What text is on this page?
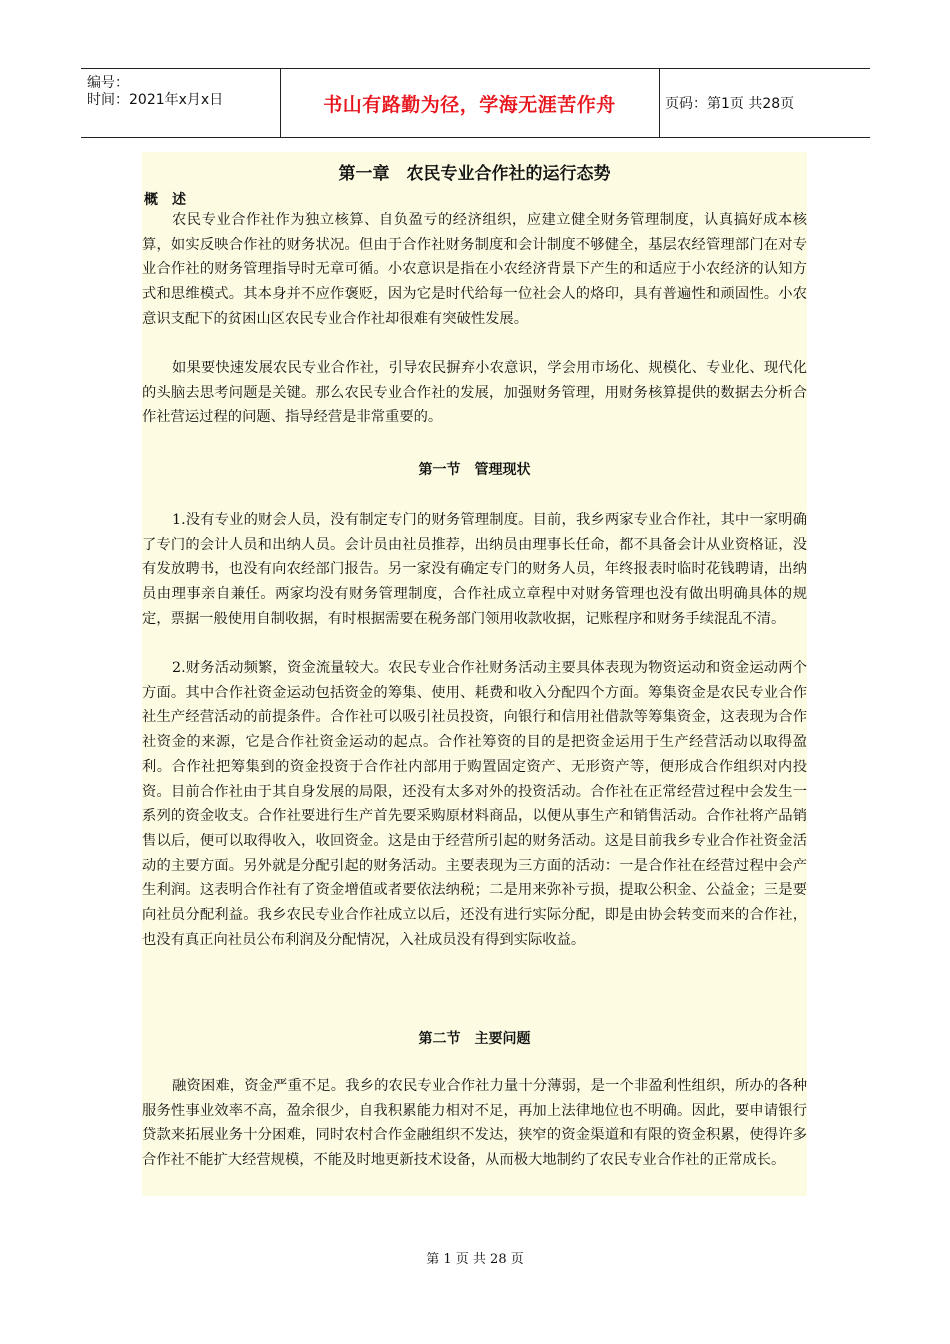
编号：
时间：2021年x月x日	书山有路勤为径，学海无涯苦作舟	页码：第1页 共28页
第一章　农民专业合作社的运行态势
概　述

农民专业合作社作为独立核算、自负盈亏的经济组织，应建立健全财务管理制度，认真搞好成本核算，如实反映合作社的财务状况。但由于合作社财务制度和会计制度不够健全，基层农经管理部门在对专业合作社的财务管理指导时无章可循。小农意识是指在小农经济背景下产生的和适应于小农经济的认知方式和思维模式。其本身并不应作褒贬，因为它是时代给每一位社会人的烙印，具有普遍性和顽固性。小农意识支配下的贫困山区农民专业合作社却很难有突破性发展。

如果要快速发展农民专业合作社，引导农民摒弃小农意识，学会用市场化、规模化、专业化、现代化的头脑去思考问题是关键。那么农民专业合作社的发展，加强财务管理，用财务核算提供的数据去分析合作社营运过程的问题、指导经营是非常重要的。

第一节　管理现状

1.没有专业的财会人员，没有制定专门的财务管理制度。目前，我乡两家专业合作社，其中一家明确了专门的会计人员和出纳人员。会计员由社员推荐，出纳员由理事长任命，都不具备会计从业资格证，没有发放聘书，也没有向农经部门报告。另一家没有确定专门的财务人员，年终报表时临时花钱聘请，出纳员由理事亲自兼任。两家均没有财务管理制度，合作社成立章程中对财务管理也没有做出明确具体的规定，票据一般使用自制收据，有时根据需要在税务部门领用收款收据，记账程序和财务手续混乱不清。

2.财务活动频繁，资金流量较大。农民专业合作社财务活动主要具体表现为物资运动和资金运动两个方面。其中合作社资金运动包括资金的筹集、使用、耗费和收入分配四个方面。筹集资金是农民专业合作社生产经营活动的前提条件。合作社可以吸引社员投资，向银行和信用社借款等筹集资金，这表现为合作社资金的来源，它是合作社资金运动的起点。合作社筹资的目的是把资金运用于生产经营活动以取得盈利。合作社把筹集到的资金投资于合作社内部用于购置固定资产、无形资产等，便形成合作组织对内投资。目前合作社由于其自身发展的局限，还没有太多对外的投资活动。合作社在正常经营过程中会发生一系列的资金收支。合作社要进行生产首先要采购原材料商品，以便从事生产和销售活动。合作社将产品销售以后，便可以取得收入，收回资金。这是由于经营所引起的财务活动。这是目前我乡专业合作社资金活动的主要方面。另外就是分配引起的财务活动。主要表现为三方面的活动：一是合作社在经营过程中会产生利润。这表明合作社有了资金增值或者要依法纳税；二是用来弥补亏损，提取公积金、公益金；三是要向社员分配利益。我乡农民专业合作社成立以后，还没有进行实际分配，即是由协会转变而来的合作社，也没有真正向社员公布利润及分配情况，入社成员没有得到实际收益。

第二节　主要问题

融资困难，资金严重不足。我乡的农民专业合作社力量十分薄弱，是一个非盈利性组织，所办的各种服务性事业效率不高，盈余很少，自我积累能力相对不足，再加上法律地位也不明确。因此，要申请银行贷款来拓展业务十分困难，同时农村合作金融组织不发达，狭窄的资金渠道和有限的资金积累，使得许多合作社不能扩大经营规模，不能及时地更新技术设备，从而极大地制约了农民专业合作社的正常成长。

第 1 页 共 28 页
